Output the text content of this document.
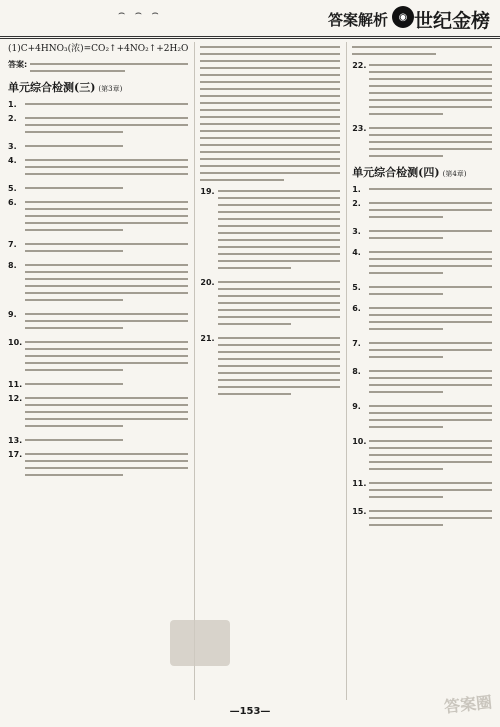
⌢ ⌢ ⌢	答案解析	◉ 世纪金榜
(1)C+4HNO₃(浓)=CO₂↑+4NO₂↑+2H₂O
答案:
单元综合检测(三) (第3章)
1.
2.
3.
4.
5.
6.
7.
8.
9.
10.
11.
12.
13.
17.
19.
20.
21.
22.
23.
单元综合检测(四) (第4章)
1.
2.
3.
4.
5.
6.
7.
8.
9.
10.
11.
15.
—153—	答案圈
